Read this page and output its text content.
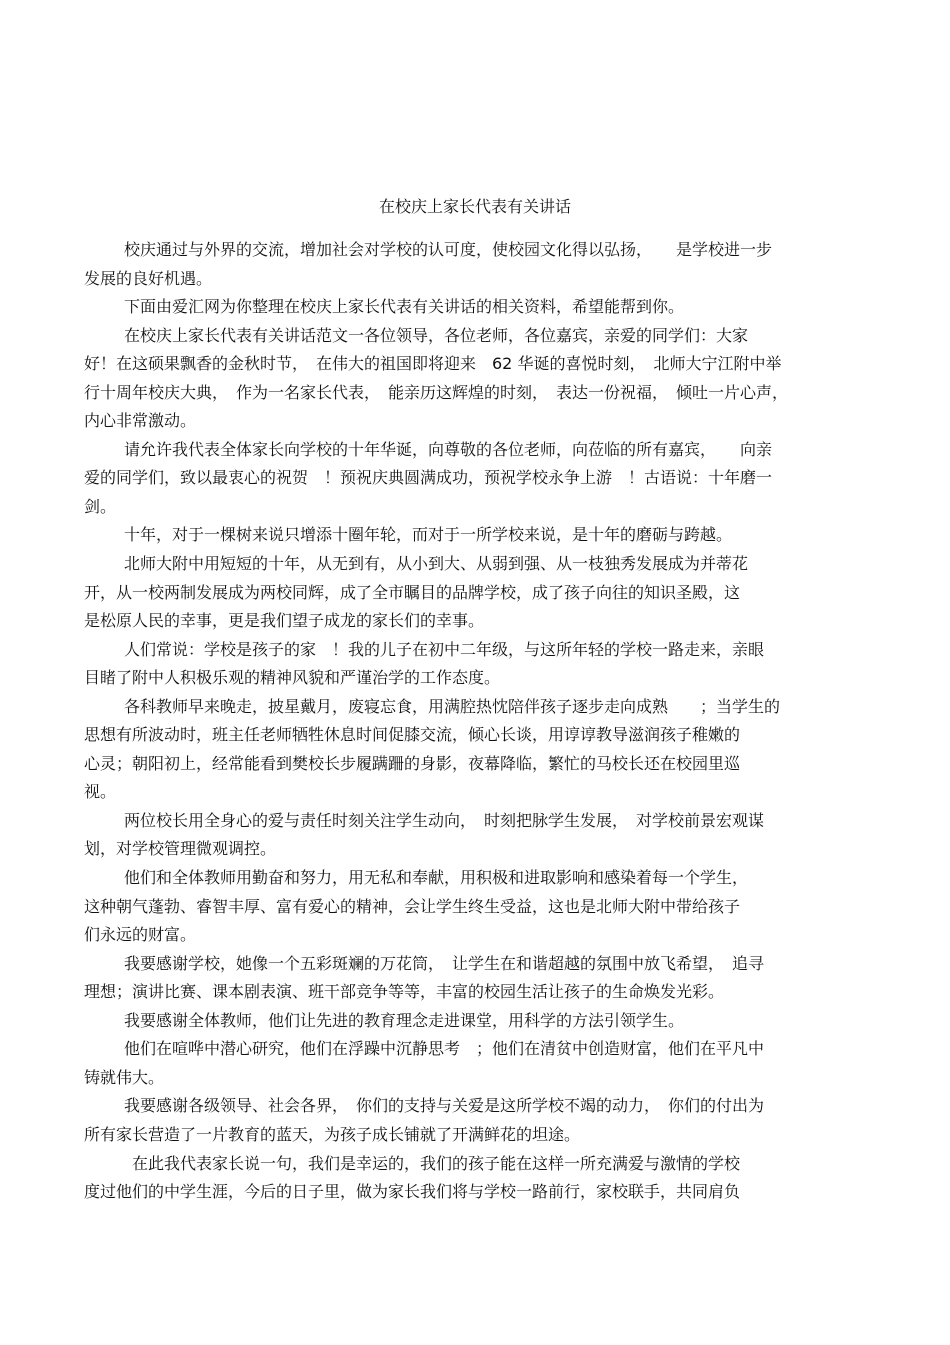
在校庆上家长代表有关讲话
校庆通过与外界的交流，增加社会对学校的认可度，使校园文化得以弘扬，　　是学校进一步
发展的良好机遇。
下面由爱汇网为你整理在校庆上家长代表有关讲话的相关资料，希望能帮到你。
在校庆上家长代表有关讲话范文一各位领导，各位老师，各位嘉宾，亲爱的同学们：大家
好！在这硕果飘香的金秋时节，　在伟大的祖国即将迎来　62 华诞的喜悦时刻，　北师大宁江附中举
行十周年校庆大典，　作为一名家长代表，　能亲历这辉煌的时刻，　表达一份祝福，　倾吐一片心声，
内心非常激动。
请允许我代表全体家长向学校的十年华诞，向尊敬的各位老师，向莅临的所有嘉宾，　　向亲
爱的同学们，致以最衷心的祝贺　！预祝庆典圆满成功，预祝学校永争上游　！古语说：十年磨一
剑。
十年，对于一棵树来说只增添十圈年轮，而对于一所学校来说，是十年的磨砺与跨越。
北师大附中用短短的十年，从无到有，从小到大、从弱到强、从一枝独秀发展成为并蒂花
开，从一校两制发展成为两校同辉，成了全市瞩目的品牌学校，成了孩子向往的知识圣殿，这
是松原人民的幸事，更是我们望子成龙的家长们的幸事。
人们常说：学校是孩子的家　！我的儿子在初中二年级，与这所年轻的学校一路走来，亲眼
目睹了附中人积极乐观的精神风貌和严谨治学的工作态度。
各科教师早来晚走，披星戴月，废寝忘食，用满腔热忱陪伴孩子逐步走向成熟　　；当学生的
思想有所波动时，班主任老师牺牲休息时间促膝交流，倾心长谈，用谆谆教导滋润孩子稚嫩的
心灵；朝阳初上，经常能看到樊校长步履蹒跚的身影，夜幕降临，繁忙的马校长还在校园里巡
视。
两位校长用全身心的爱与责任时刻关注学生动向，　时刻把脉学生发展，　对学校前景宏观谋
划，对学校管理微观调控。
他们和全体教师用勤奋和努力，用无私和奉献，用积极和进取影响和感染着每一个学生，
这种朝气蓬勃、睿智丰厚、富有爱心的精神，会让学生终生受益，这也是北师大附中带给孩子
们永远的财富。
我要感谢学校，她像一个五彩斑斓的万花筒，　让学生在和谐超越的氛围中放飞希望，　追寻
理想；演讲比赛、课本剧表演、班干部竞争等等，丰富的校园生活让孩子的生命焕发光彩。
我要感谢全体教师，他们让先进的教育理念走进课堂，用科学的方法引领学生。
他们在喧哗中潜心研究，他们在浮躁中沉静思考　；他们在清贫中创造财富，他们在平凡中
铸就伟大。
我要感谢各级领导、社会各界，　你们的支持与关爱是这所学校不竭的动力，　你们的付出为
所有家长营造了一片教育的蓝天，为孩子成长铺就了开满鲜花的坦途。
在此我代表家长说一句，我们是幸运的，我们的孩子能在这样一所充满爱与激情的学校
度过他们的中学生涯，今后的日子里，做为家长我们将与学校一路前行，家校联手，共同肩负
